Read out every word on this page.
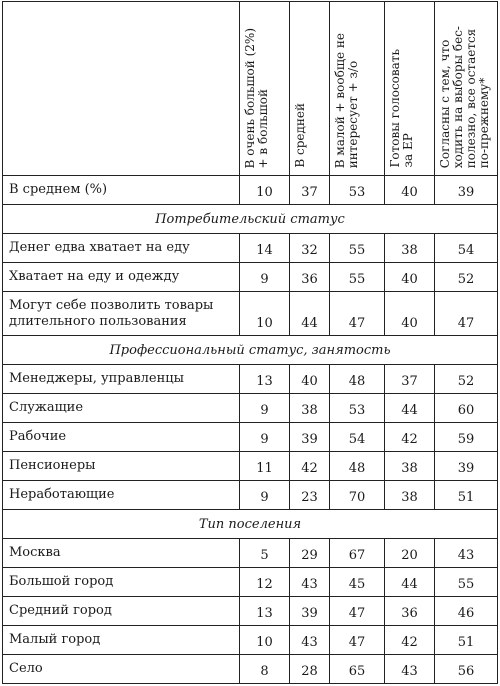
	В очень большой (2%)
+ в большой	В средней	В малой + вообще не
интересует + з/о	Готовы голосовать
за ЕР	Согласны с тем, что
ходить на выборы бес-
полезно, все остается
по-прежнему*
В среднем (%)	10	37	53	40	39
Потребительский статус					
Денег едва хватает на еду	14	32	55	38	54
Хватает на еду и одежду	9	36	55	40	52
Могут себе позволить товары длительного пользования	10	44	47	40	47
Профессиональный статус, занятость					
Менеджеры, управленцы	13	40	48	37	52
Служащие	9	38	53	44	60
Рабочие	9	39	54	42	59
Пенсионеры	11	42	48	38	39
Неработающие	9	23	70	38	51
Тип поселения					
Москва	5	29	67	20	43
Большой город	12	43	45	44	55
Средний город	13	39	47	36	46
Малый город	10	43	47	42	51
Село	8	28	65	43	56
